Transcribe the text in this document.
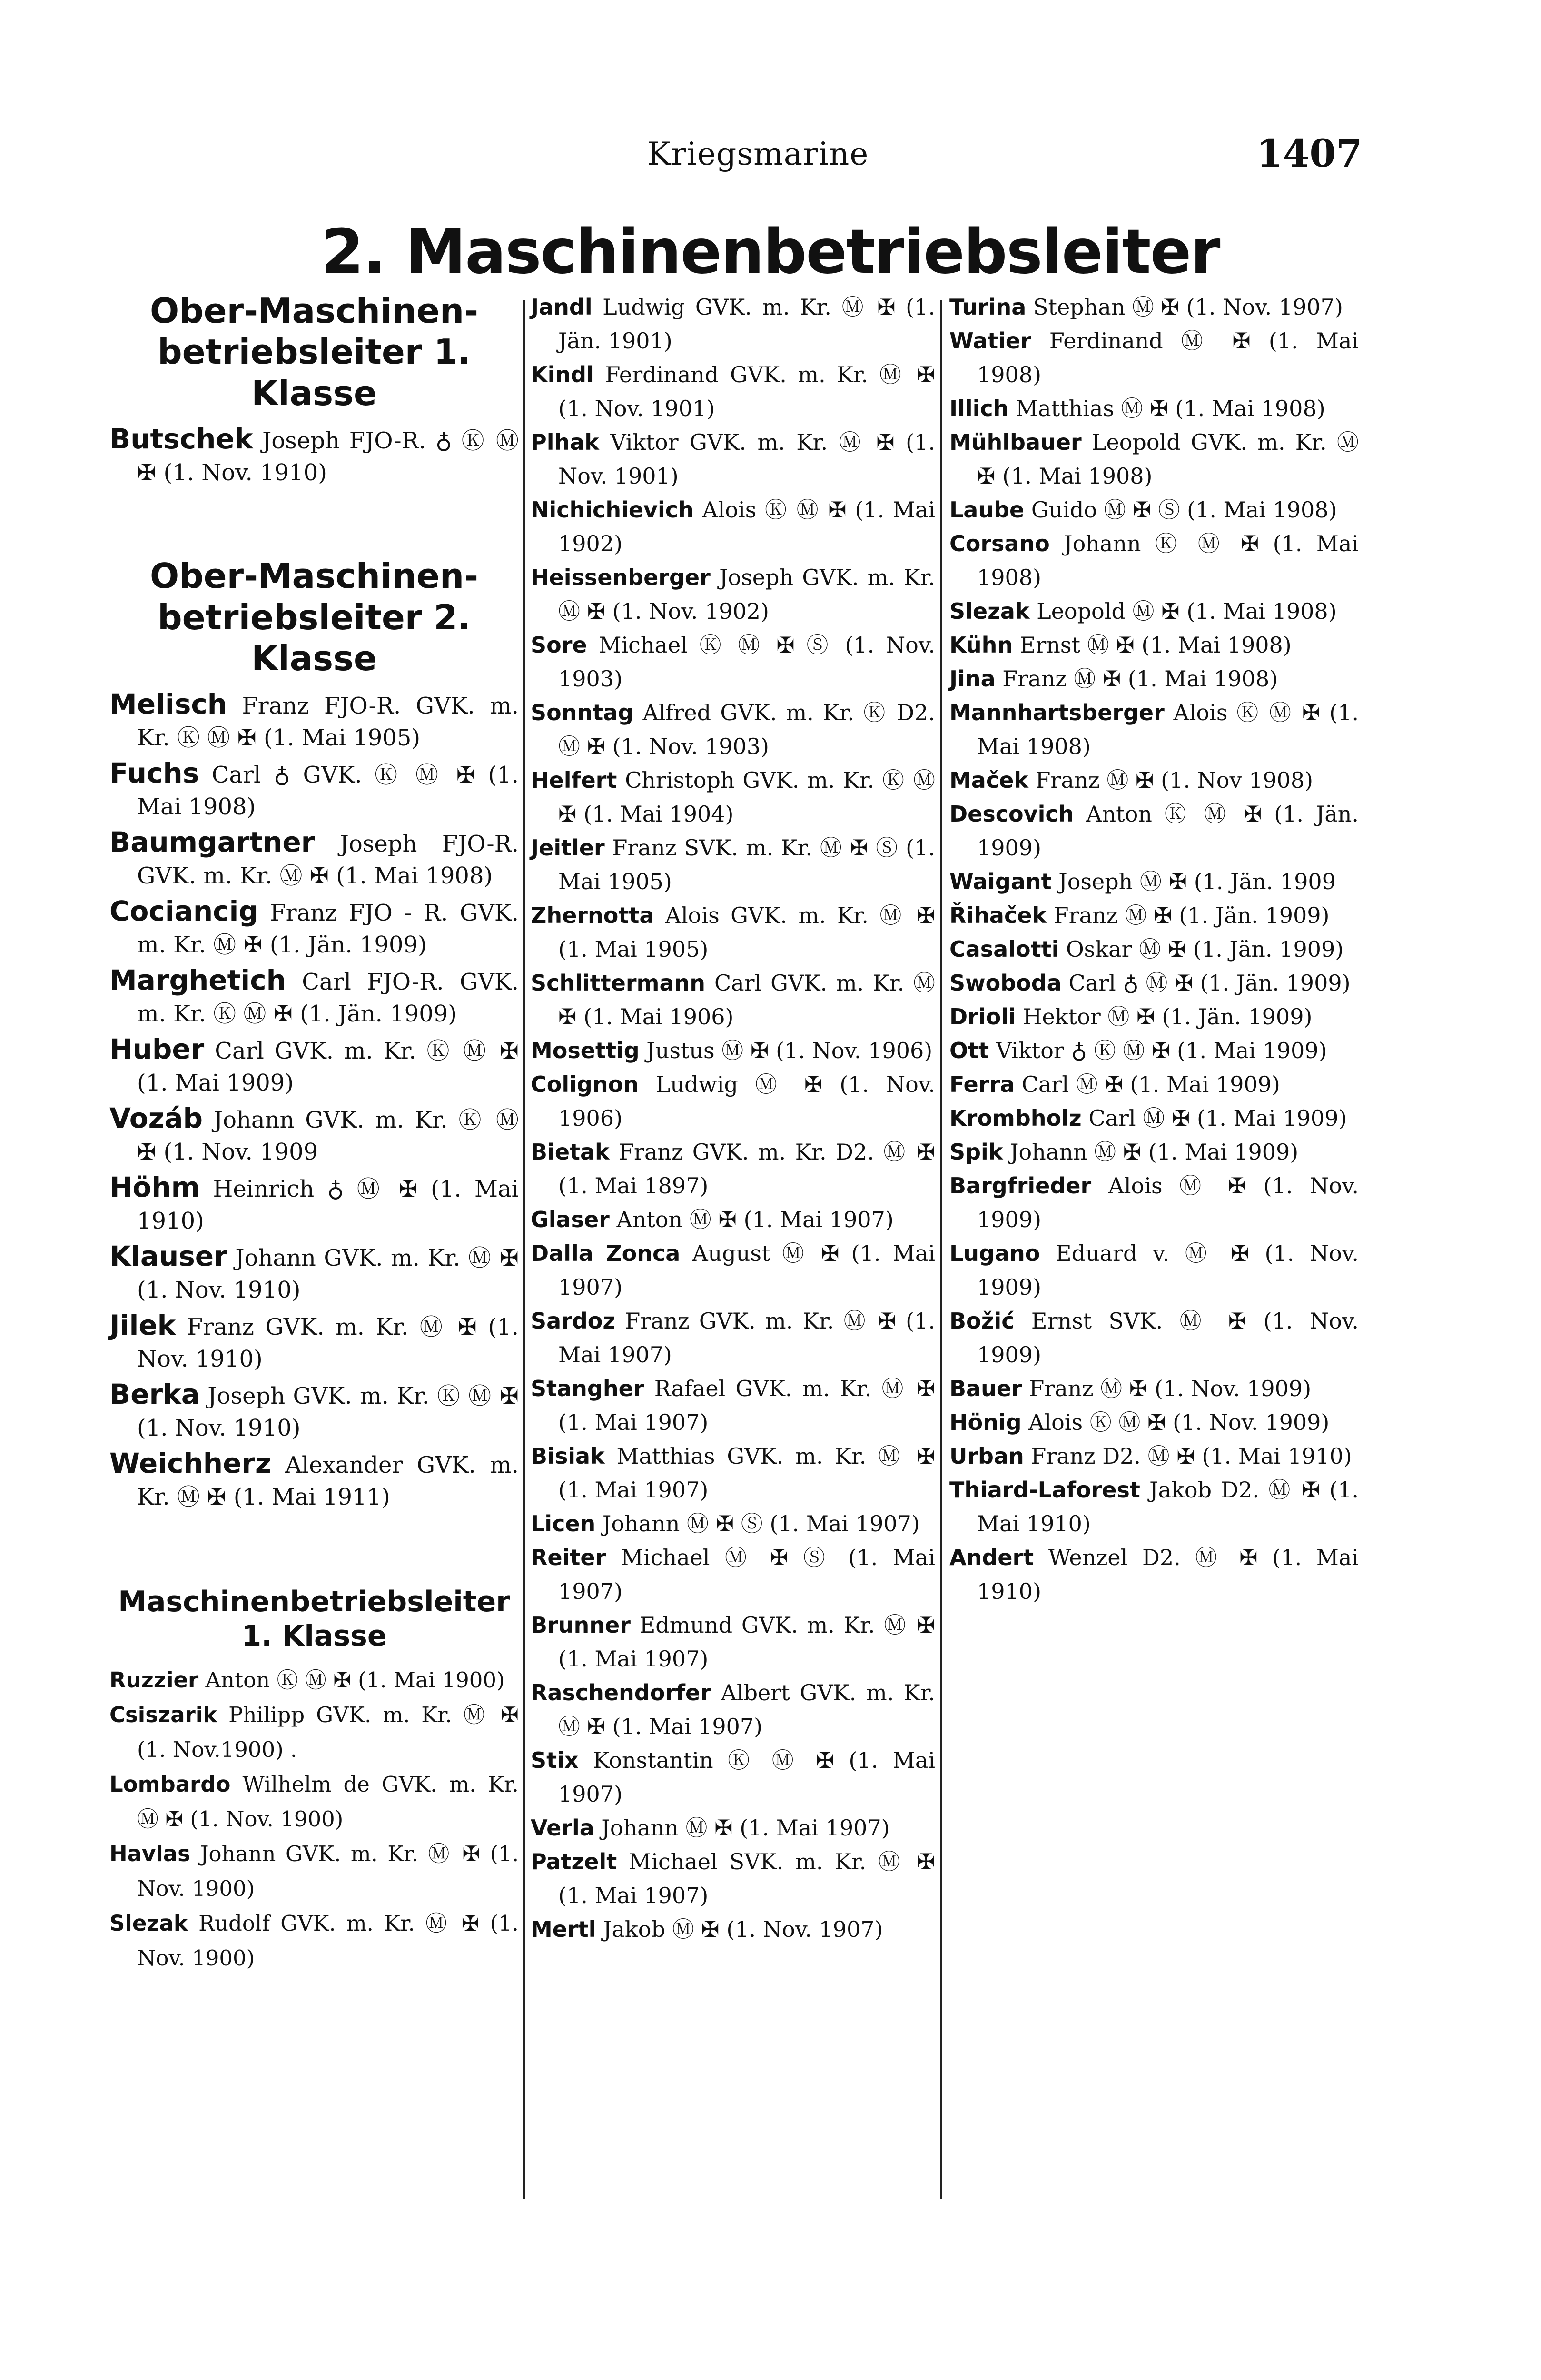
Kriegsmarine	1407
2. Maschinenbetriebsleiter
Ober-Maschinen-
betriebsleiter 1. Klasse
Butschek Joseph FJO-R. ♁ Ⓚ Ⓜ ✠ (1. Nov. 1910)
Ober-Maschinen-
betriebsleiter 2. Klasse
Melisch Franz FJO-R. GVK. m. Kr. Ⓚ Ⓜ ✠ (1. Mai 1905)
Fuchs Carl ♁ GVK. Ⓚ Ⓜ ✠ (1. Mai 1908)
Baumgartner Joseph FJO-R. GVK. m. Kr. Ⓜ ✠ (1. Mai 1908)
Cociancig Franz FJO - R. GVK. m. Kr. Ⓜ ✠ (1. Jän. 1909)
Marghetich Carl FJO-R. GVK. m. Kr. Ⓚ Ⓜ ✠ (1. Jän. 1909)
Huber Carl GVK. m. Kr. Ⓚ Ⓜ ✠ (1. Mai 1909)
Vozáb Johann GVK. m. Kr. Ⓚ Ⓜ ✠ (1. Nov. 1909
Höhm Heinrich ♁ Ⓜ ✠ (1. Mai 1910)
Klauser Johann GVK. m. Kr. Ⓜ ✠ (1. Nov. 1910)
Jilek Franz GVK. m. Kr. Ⓜ ✠ (1. Nov. 1910)
Berka Joseph GVK. m. Kr. Ⓚ Ⓜ ✠ (1. Nov. 1910)
Weichherz Alexander GVK. m. Kr. Ⓜ ✠ (1. Mai 1911)
Maschinenbetriebsleiter
1. Klasse
Ruzzier Anton Ⓚ Ⓜ ✠ (1. Mai 1900)
Csiszarik Philipp GVK. m. Kr. Ⓜ ✠ (1. Nov.1900) .
Lombardo Wilhelm de GVK. m. Kr. Ⓜ ✠ (1. Nov. 1900)
Havlas Johann GVK. m. Kr. Ⓜ ✠ (1. Nov. 1900)
Slezak Rudolf GVK. m. Kr. Ⓜ ✠ (1. Nov. 1900)
Jandl Ludwig GVK. m. Kr. Ⓜ ✠ (1. Jän. 1901)
Kindl Ferdinand GVK. m. Kr. Ⓜ ✠ (1. Nov. 1901)
Plhak Viktor GVK. m. Kr. Ⓜ ✠ (1. Nov. 1901)
Nichichievich Alois Ⓚ Ⓜ ✠ (1. Mai 1902)
Heissenberger Joseph GVK. m. Kr. Ⓜ ✠ (1. Nov. 1902)
Sore Michael Ⓚ Ⓜ ✠ Ⓢ (1. Nov. 1903)
Sonntag Alfred GVK. m. Kr. Ⓚ D2. Ⓜ ✠ (1. Nov. 1903)
Helfert Christoph GVK. m. Kr. Ⓚ Ⓜ ✠ (1. Mai 1904)
Jeitler Franz SVK. m. Kr. Ⓜ ✠ Ⓢ (1. Mai 1905)
Zhernotta Alois GVK. m. Kr. Ⓜ ✠ (1. Mai 1905)
Schlittermann Carl GVK. m. Kr. Ⓜ ✠ (1. Mai 1906)
Mosettig Justus Ⓜ ✠ (1. Nov. 1906)
Colignon Ludwig Ⓜ ✠ (1. Nov. 1906)
Bietak Franz GVK. m. Kr. D2. Ⓜ ✠ (1. Mai 1897)
Glaser Anton Ⓜ ✠ (1. Mai 1907)
Dalla Zonca August Ⓜ ✠ (1. Mai 1907)
Sardoz Franz GVK. m. Kr. Ⓜ ✠ (1. Mai 1907)
Stangher Rafael GVK. m. Kr. Ⓜ ✠ (1. Mai 1907)
Bisiak Matthias GVK. m. Kr. Ⓜ ✠ (1. Mai 1907)
Licen Johann Ⓜ ✠ Ⓢ (1. Mai 1907)
Reiter Michael Ⓜ ✠ Ⓢ (1. Mai 1907)
Brunner Edmund GVK. m. Kr. Ⓜ ✠ (1. Mai 1907)
Raschendorfer Albert GVK. m. Kr. Ⓜ ✠ (1. Mai 1907)
Stix Konstantin Ⓚ Ⓜ ✠ (1. Mai 1907)
Verla Johann Ⓜ ✠ (1. Mai 1907)
Patzelt Michael SVK. m. Kr. Ⓜ ✠ (1. Mai 1907)
Mertl Jakob Ⓜ ✠ (1. Nov. 1907)
Turina Stephan Ⓜ ✠ (1. Nov. 1907)
Watier Ferdinand Ⓜ ✠ (1. Mai 1908)
Illich Matthias Ⓜ ✠ (1. Mai 1908)
Mühlbauer Leopold GVK. m. Kr. Ⓜ ✠ (1. Mai 1908)
Laube Guido Ⓜ ✠ Ⓢ (1. Mai 1908)
Corsano Johann Ⓚ Ⓜ ✠ (1. Mai 1908)
Slezak Leopold Ⓜ ✠ (1. Mai 1908)
Kühn Ernst Ⓜ ✠ (1. Mai 1908)
Jina Franz Ⓜ ✠ (1. Mai 1908)
Mannhartsberger Alois Ⓚ Ⓜ ✠ (1. Mai 1908)
Maček Franz Ⓜ ✠ (1. Nov 1908)
Descovich Anton Ⓚ Ⓜ ✠ (1. Jän. 1909)
Waigant Joseph Ⓜ ✠ (1. Jän. 1909
Řihaček Franz Ⓜ ✠ (1. Jän. 1909)
Casalotti Oskar Ⓜ ✠ (1. Jän. 1909)
Swoboda Carl ♁ Ⓜ ✠ (1. Jän. 1909)
Drioli Hektor Ⓜ ✠ (1. Jän. 1909)
Ott Viktor ♁ Ⓚ Ⓜ ✠ (1. Mai 1909)
Ferra Carl Ⓜ ✠ (1. Mai 1909)
Krombholz Carl Ⓜ ✠ (1. Mai 1909)
Spik Johann Ⓜ ✠ (1. Mai 1909)
Bargfrieder Alois Ⓜ ✠ (1. Nov. 1909)
Lugano Eduard v. Ⓜ ✠ (1. Nov. 1909)
Božić Ernst SVK. Ⓜ ✠ (1. Nov. 1909)
Bauer Franz Ⓜ ✠ (1. Nov. 1909)
Hönig Alois Ⓚ Ⓜ ✠ (1. Nov. 1909)
Urban Franz D2. Ⓜ ✠ (1. Mai 1910)
Thiard-Laforest Jakob D2. Ⓜ ✠ (1. Mai 1910)
Andert Wenzel D2. Ⓜ ✠ (1. Mai 1910)
